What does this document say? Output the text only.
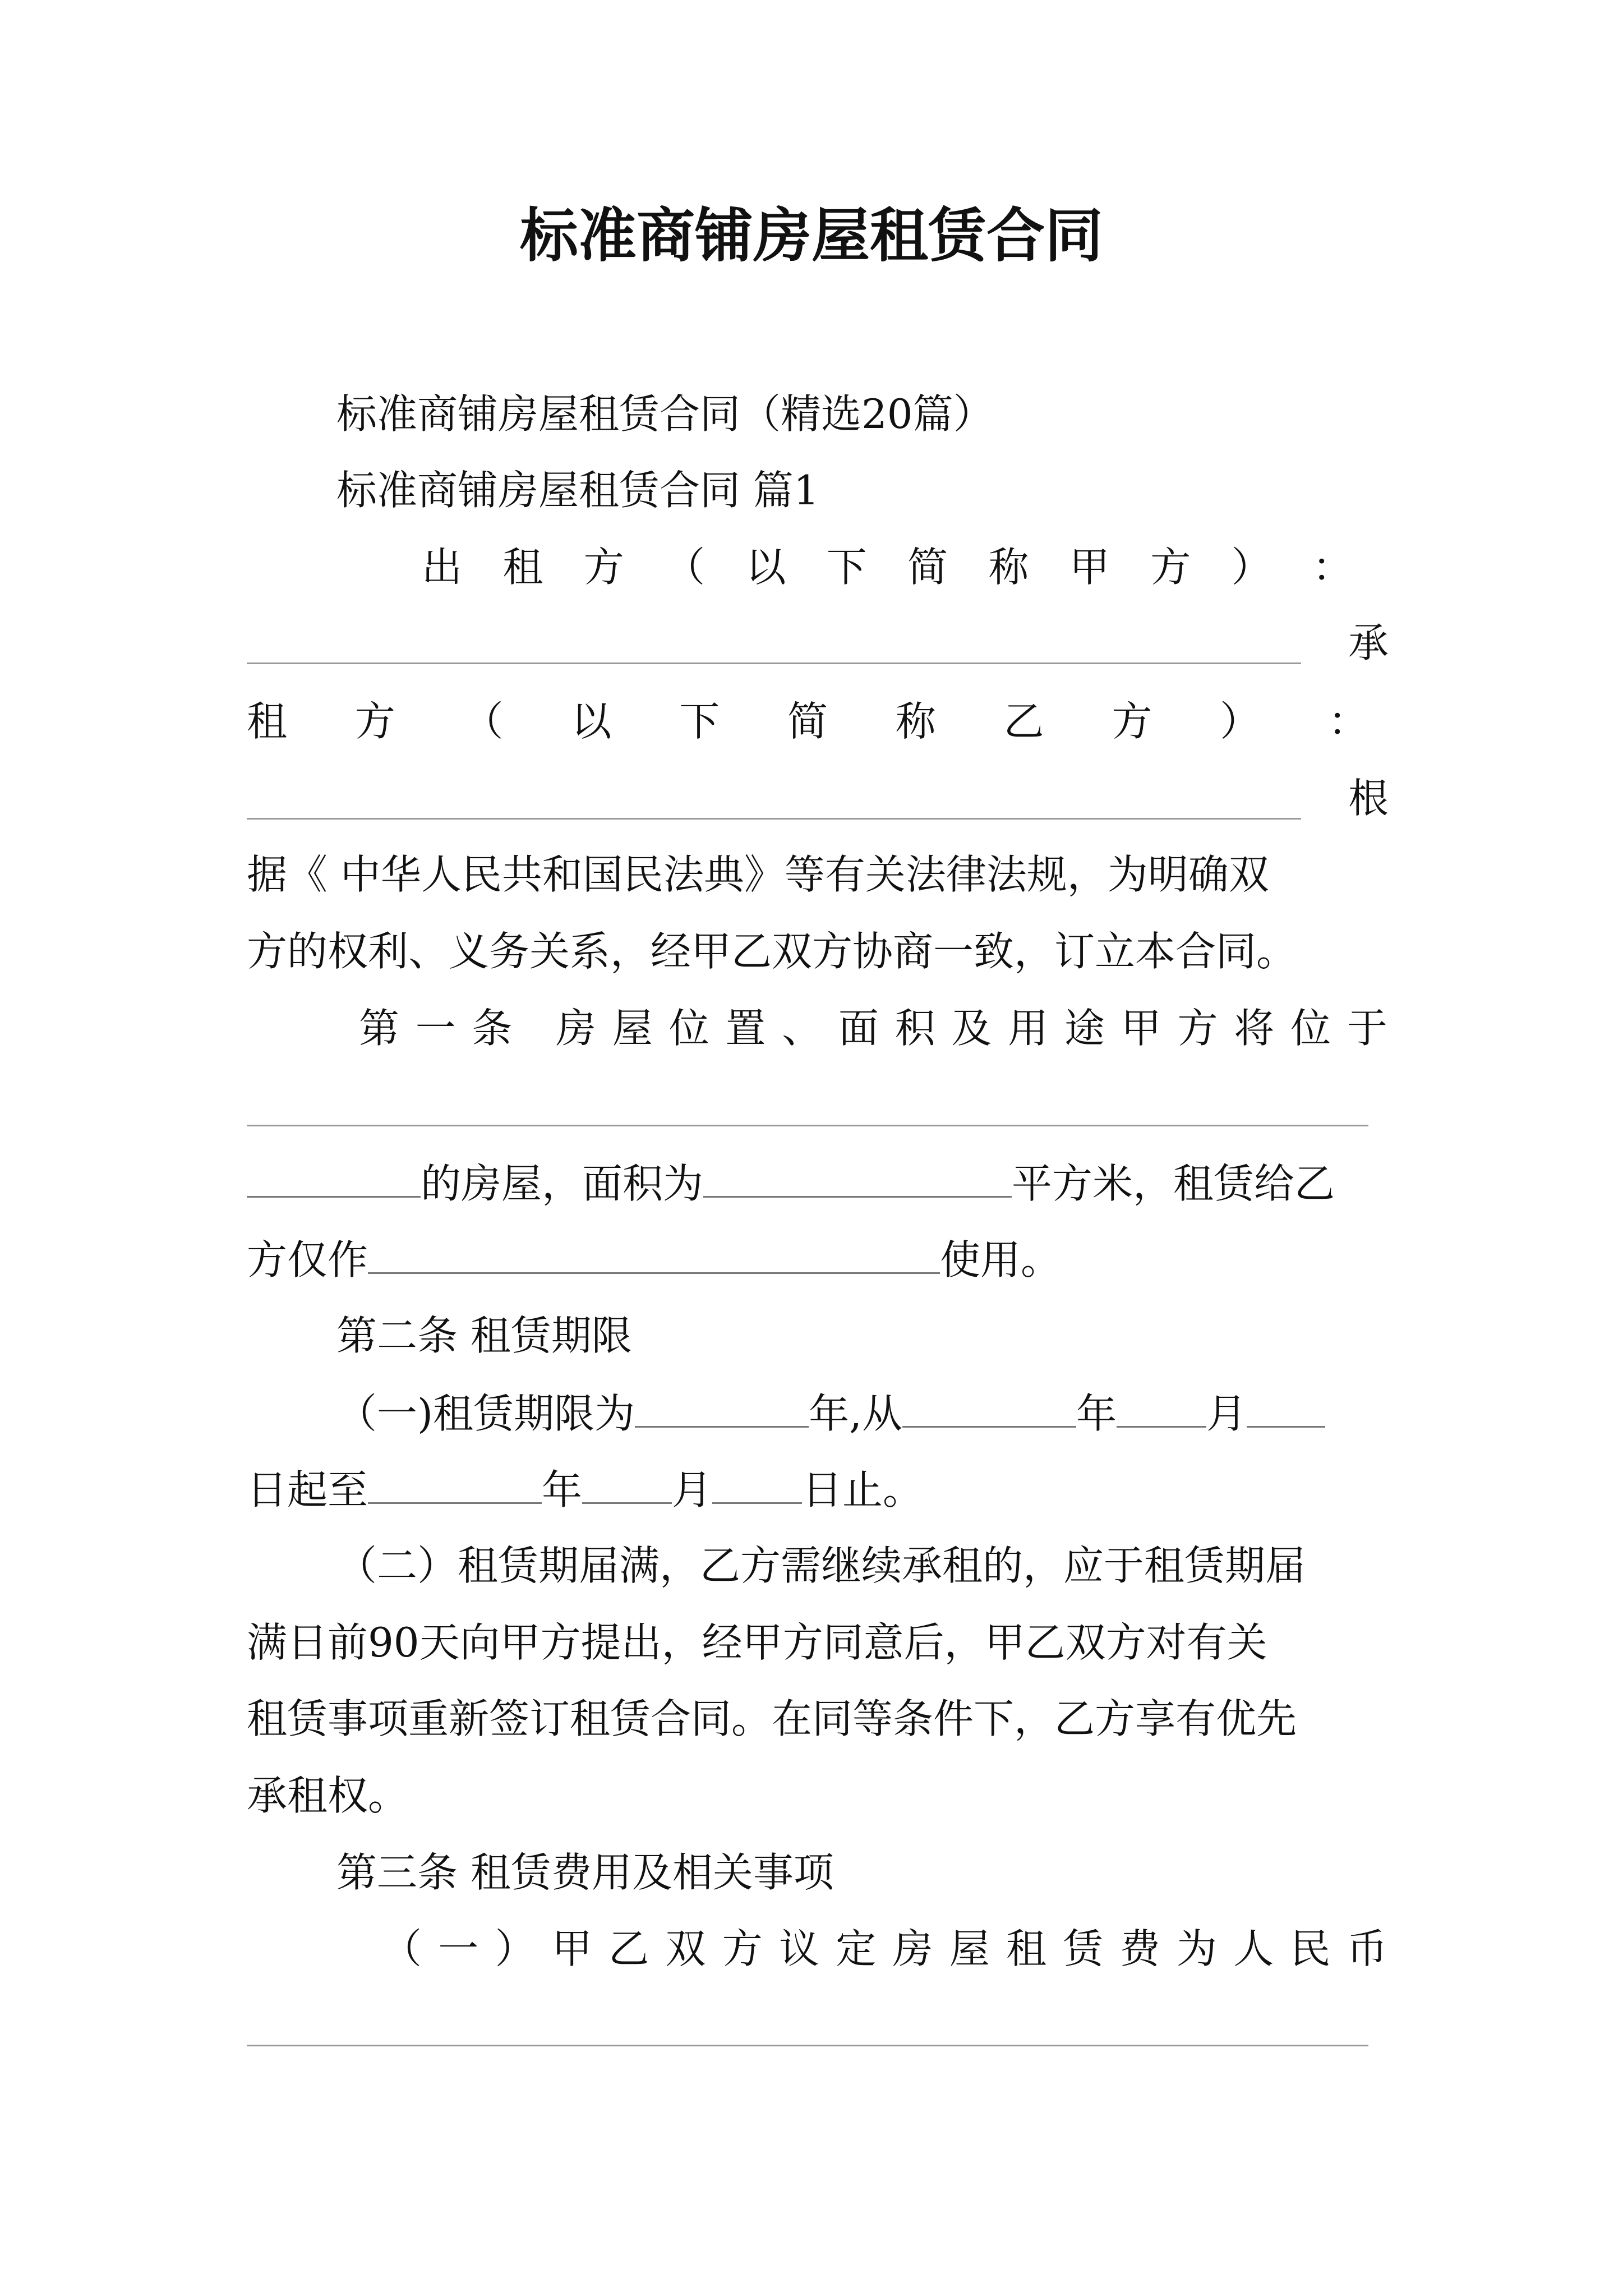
标准商铺房屋租赁合同
标准商铺房屋租赁合同（精选20篇）
标准商铺房屋租赁合同 篇1
出 租 方 （ 以 下 简 称 甲 方 ） ：
承
租 方 （ 以 下 简 称 乙 方 ） ：
根
据《 中华人民共和国民法典》等有关法律法规，为明确双
方的权利、义务关系，经甲乙双方协商一致，订立本合同。
第 一 条 房 屋 位 置 、 面 积 及 用 途 甲 方 将 位 于
的房屋，面积为	平方米，租赁给乙
方仅作	使用。
第二条 租赁期限
（一)租赁期限为	年,从	年 月
日起至	年 月 日止。
（二）租赁期届满，乙方需继续承租的，应于租赁期届
满日前90天向甲方提出，经甲方同意后，甲乙双方对有关
租赁事项重新签订租赁合同。在同等条件下，乙方享有优先
承租权。
第三条 租赁费用及相关事项
（ 一 ） 甲 乙 双 方 议 定 房 屋 租 赁 费 为 人 民 币
